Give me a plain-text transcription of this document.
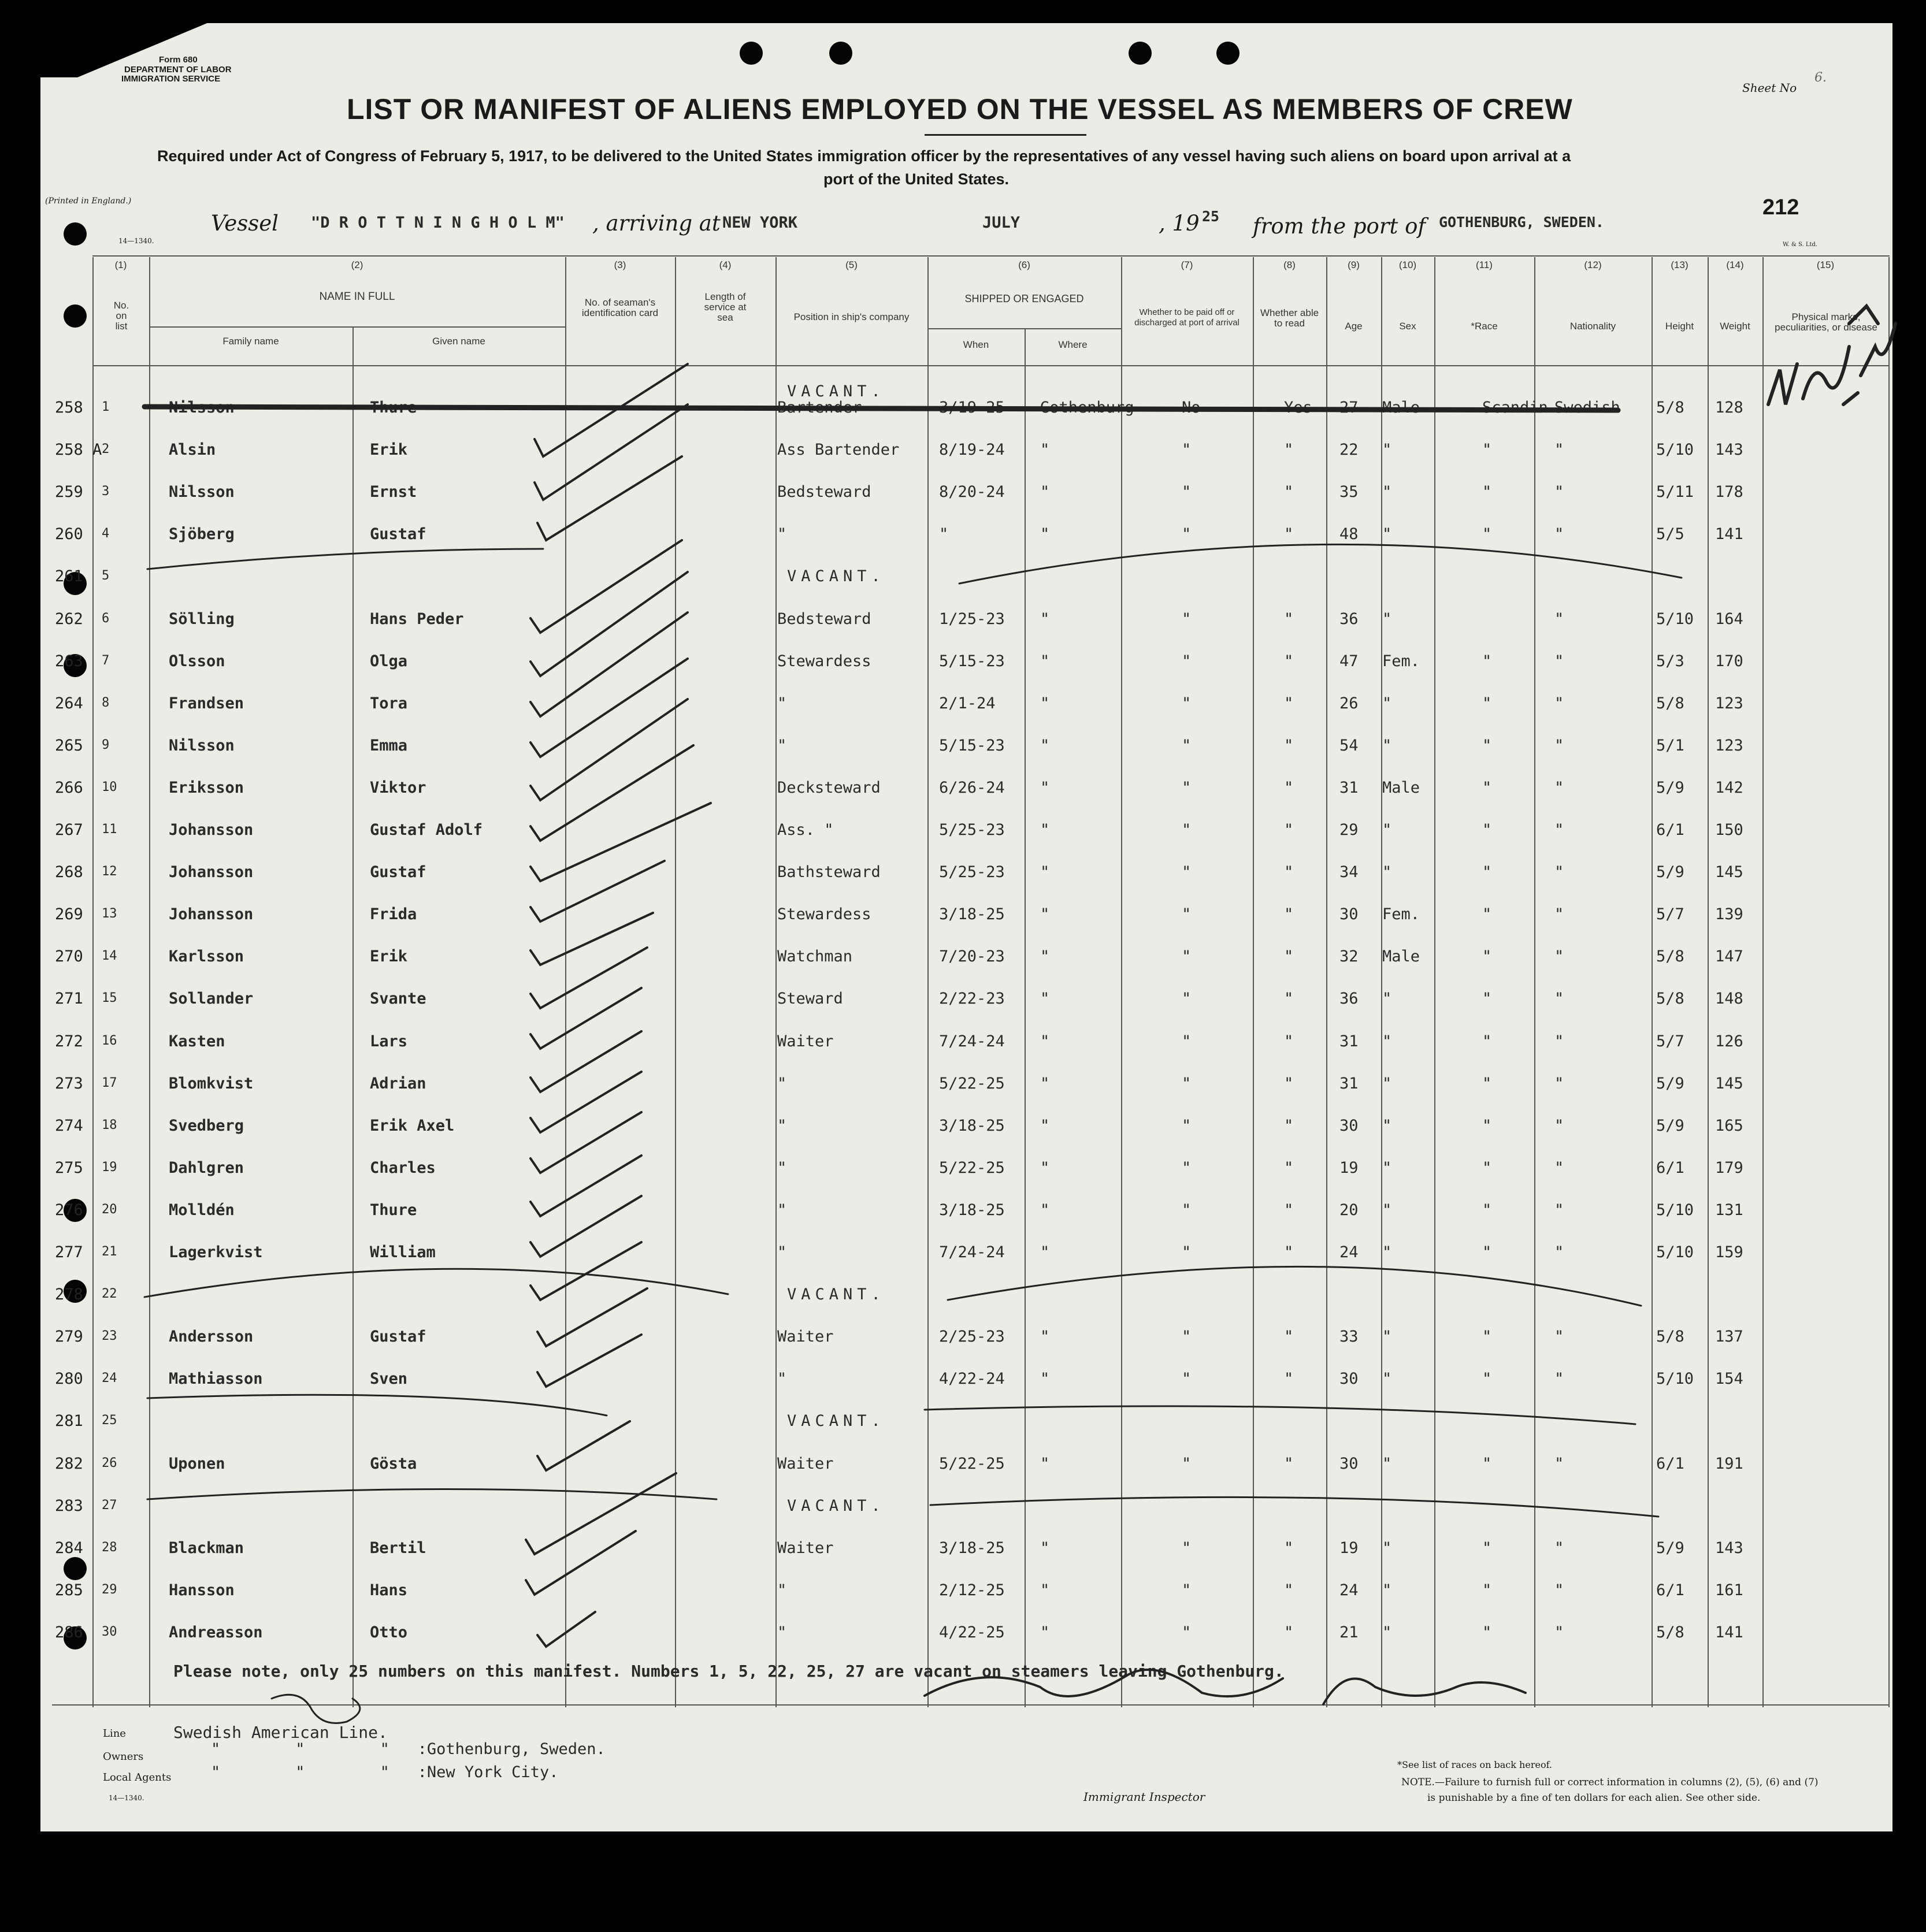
Form 680
DEPARTMENT OF LABOR
IMMIGRATION SERVICE
(Printed in England.)
14—1340.	W. & S. Ltd.
Sheet No
6.
LIST OR MANIFEST OF ALIENS EMPLOYED ON THE VESSEL AS MEMBERS OF CREW
Required under Act of Congress of February 5, 1917, to be delivered to the United States immigration officer by the representatives of any vessel having such aliens on board upon arrival at a
port of the United States.
Vessel "D R O T T N I N G H O L M" , arriving at NEW YORK	JULY	, 19 25 from the port of GOTHENBURG, SWEDEN.
212
(1)
No. on list
(2)
NAME IN FULL
Family name	Given name
(3)
No. of seaman's identification card
(4)
Length of service at sea
(5)
Position in ship's company
(6)
SHIPPED OR ENGAGED
When	Where
(7)
Whether to be paid off or discharged at port of arrival
(8)
Whether able to read
(9)
Age
(10)
Sex
(11)
*Race
(12)
Nationality
(13)
Height
(14)
Weight
(15)
Physical marks, peculiarities, or disease
258 1	Nilsson	Thure	Bartender	3/19-25 Gothenburg	No	Yes 27 Male	Scandin.
Swedish 5/8 128
VACANT.
258 A 2	Alsin	Erik	Ass Bartender	8/19-24 "	"	"	22 "	"	"	5/10 143
259 3	Nilsson	Ernst	Bedsteward	8/20-24 "	"	"	35 "	"	"	5/11 178
260 4	Sjöberg	Gustaf	"	"	"	"	"	48 "	"	"	5/5 141
261 5	VACANT.
262 6	Sölling	Hans Peder	Bedsteward	1/25-23 "	"	"	36 "	"	5/10 164
263 7	Olsson	Olga	Stewardess	5/15-23 "	"	"	47 Fem.	"	"	5/3 170
264 8	Frandsen	Tora	"	2/1-24	"	"	"	26 "	"	"	5/8 123
265 9	Nilsson	Emma	"	5/15-23 "	"	"	54 "	"	"	5/1 123
266 10	Eriksson	Viktor	Decksteward	6/26-24 "	"	"	31 Male	"	"	5/9 142
267 11	Johansson	Gustaf Adolf	Ass. "	5/25-23 "	"	"	29 "	"	"	6/1 150
268 12	Johansson	Gustaf	Bathsteward	5/25-23 "	"	"	34 "	"	"	5/9 145
269 13	Johansson	Frida	Stewardess	3/18-25 "	"	"	30 Fem.	"	"	5/7 139
270 14	Karlsson	Erik	Watchman	7/20-23 "	"	"	32 Male	"	"	5/8 147
271 15	Sollander	Svante	Steward	2/22-23 "	"	"	36 "	"	"	5/8 148
272 16	Kasten	Lars	Waiter	7/24-24 "	"	"	31 "	"	"	5/7 126
273 17	Blomkvist	Adrian	"	5/22-25 "	"	"	31 "	"	"	5/9 145
274 18	Svedberg	Erik Axel	"	3/18-25 "	"	"	30 "	"	"	5/9 165
275 19	Dahlgren	Charles	"	5/22-25 "	"	"	19 "	"	"	6/1 179
276 20	Molldén	Thure	"	3/18-25 "	"	"	20 "	"	"	5/10 131
277 21	Lagerkvist	William	"	7/24-24 "	"	"	24 "	"	"	5/10 159
278 22	VACANT.
279 23	Andersson	Gustaf	Waiter	2/25-23 "	"	"	33 "	"	"	5/8 137
280 24	Mathiasson	Sven	"	4/22-24 "	"	"	30 "	"	"	5/10 154
281 25	VACANT.
282 26	Uponen	Gösta	Waiter	5/22-25 "	"	"	30 "	"	"	6/1 191
283 27	VACANT.
284 28	Blackman	Bertil	Waiter	3/18-25 "	"	"	19 "	"	"	5/9 143
285 29	Hansson	Hans	"	2/12-25 "	"	"	24 "	"	"	6/1 161
286 30	Andreasson	Otto	"	4/22-25 "	"	"	21 "	"	"	5/8 141
Please note, only 25 numbers on this manifest. Numbers 1, 5, 22, 25, 27 are vacant on steamers leaving Gothenburg.
Line	Swedish American Line.
Owners	"        "        "   :Gothenburg, Sweden.
Local Agents	"        "        "   :New York City.
14—1340.	Immigrant Inspector
*See list of races on back hereof.
NOTE.—Failure to furnish full or correct information in columns (2), (5), (6) and (7)
is punishable by a fine of ten dollars for each alien. See other side.
